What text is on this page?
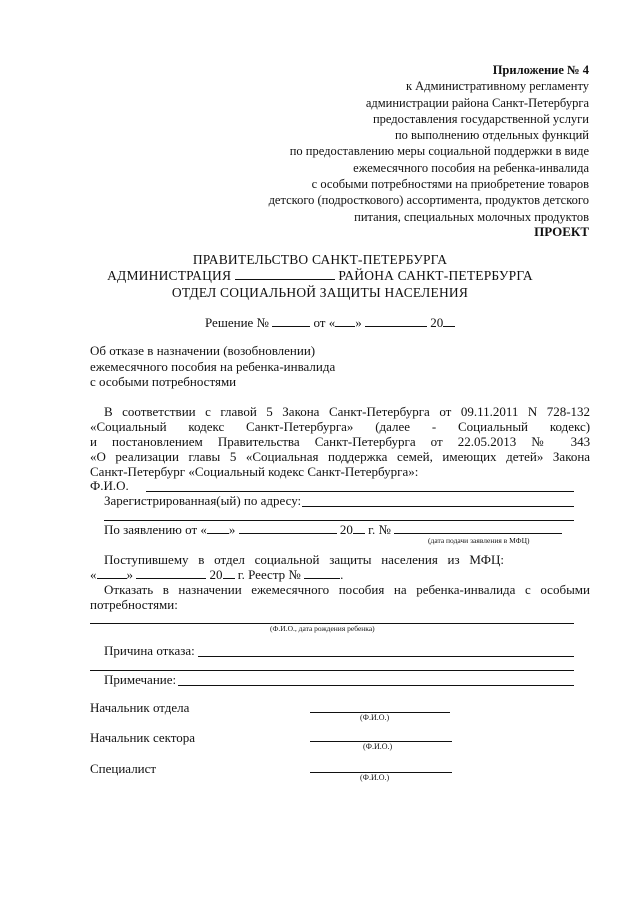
Приложение № 4
к Административному регламенту
администрации района Санкт-Петербурга
предоставления государственной услуги
по выполнению отдельных функций
по предоставлению меры социальной поддержки в виде
ежемесячного пособия на ребенка-инвалида
с особыми потребностями на приобретение товаров
детского (подросткового) ассортимента, продуктов детского
питания, специальных молочных продуктов
ПРОЕКТ
ПРАВИТЕЛЬСТВО САНКТ-ПЕТЕРБУРГА
АДМИНИСТРАЦИЯ	РАЙОНА САНКТ-ПЕТЕРБУРГА
ОТДЕЛ СОЦИАЛЬНОЙ ЗАЩИТЫ НАСЕЛЕНИЯ
Решение №	от « »	20
Об отказе в назначении (возобновлении)
ежемесячного пособия на ребенка-инвалида
с особыми потребностями
В соответствии с главой 5 Закона Санкт-Петербурга от 09.11.2011 N 728-132
«Социальный кодекс Санкт-Петербурга» (далее - Социальный кодекс)
и постановлением Правительства Санкт-Петербурга от 22.05.2013 № 343
«О реализации главы 5 «Социальная поддержка семей, имеющих детей» Закона
Санкт-Петербург «Социальный кодекс Санкт-Петербурга»:
Ф.И.О.
Зарегистрированная(ый) по адресу:
По заявлению от « »	20 г. №
(дата подачи заявления в МФЦ)
Поступившему в отдел социальной защиты населения из МФЦ:
« »	20 г. Реестр №	.
Отказать в назначении ежемесячного пособия на ребенка-инвалида с особыми
потребностями:
(Ф.И.О., дата рождения ребенка)
Причина отказа:
Примечание:
Начальник отдела
(Ф.И.О.)
Начальник сектора
(Ф.И.О.)
Специалист
(Ф.И.О.)
